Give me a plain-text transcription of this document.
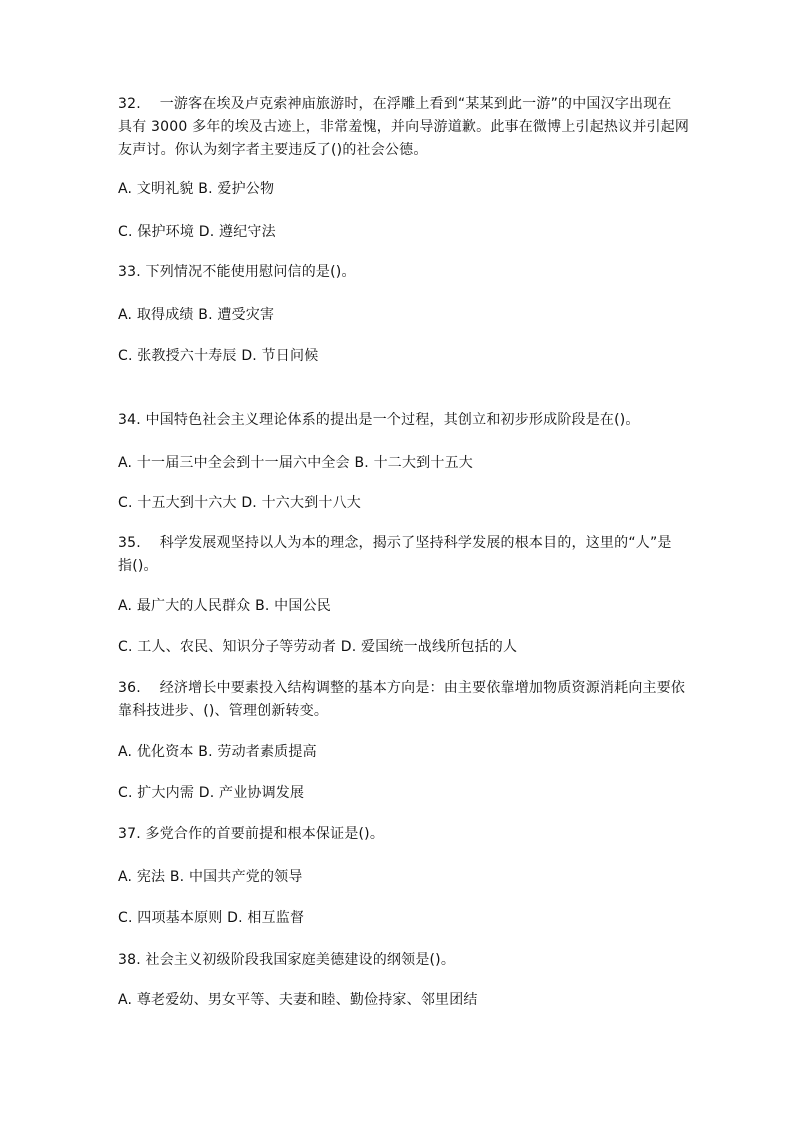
32.　 一游客在埃及卢克索神庙旅游时，在浮雕上看到“某某到此一游”的中国汉字出现在
具有 3000 多年的埃及古迹上，非常羞愧，并向导游道歉。此事在微博上引起热议并引起网
友声讨。你认为刻字者主要违反了()的社会公德。
A. 文明礼貌 B. 爱护公物
C. 保护环境 D. 遵纪守法
33. 下列情况不能使用慰问信的是()。
A. 取得成绩 B. 遭受灾害
C. 张教授六十寿辰 D. 节日问候
34. 中国特色社会主义理论体系的提出是一个过程，其创立和初步形成阶段是在()。
A. 十一届三中全会到十一届六中全会 B. 十二大到十五大
C. 十五大到十六大 D. 十六大到十八大
35.　 科学发展观坚持以人为本的理念，揭示了坚持科学发展的根本目的，这里的“人”是
指()。
A. 最广大的人民群众 B. 中国公民
C. 工人、农民、知识分子等劳动者 D. 爱国统一战线所包括的人
36.　 经济增长中要素投入结构调整的基本方向是：由主要依靠增加物质资源消耗向主要依
靠科技进步、()、管理创新转变。
A. 优化资本 B. 劳动者素质提高
C. 扩大内需 D. 产业协调发展
37. 多党合作的首要前提和根本保证是()。
A. 宪法 B. 中国共产党的领导
C. 四项基本原则 D. 相互监督
38. 社会主义初级阶段我国家庭美德建设的纲领是()。
A. 尊老爱幼、男女平等、夫妻和睦、勤俭持家、邻里团结
